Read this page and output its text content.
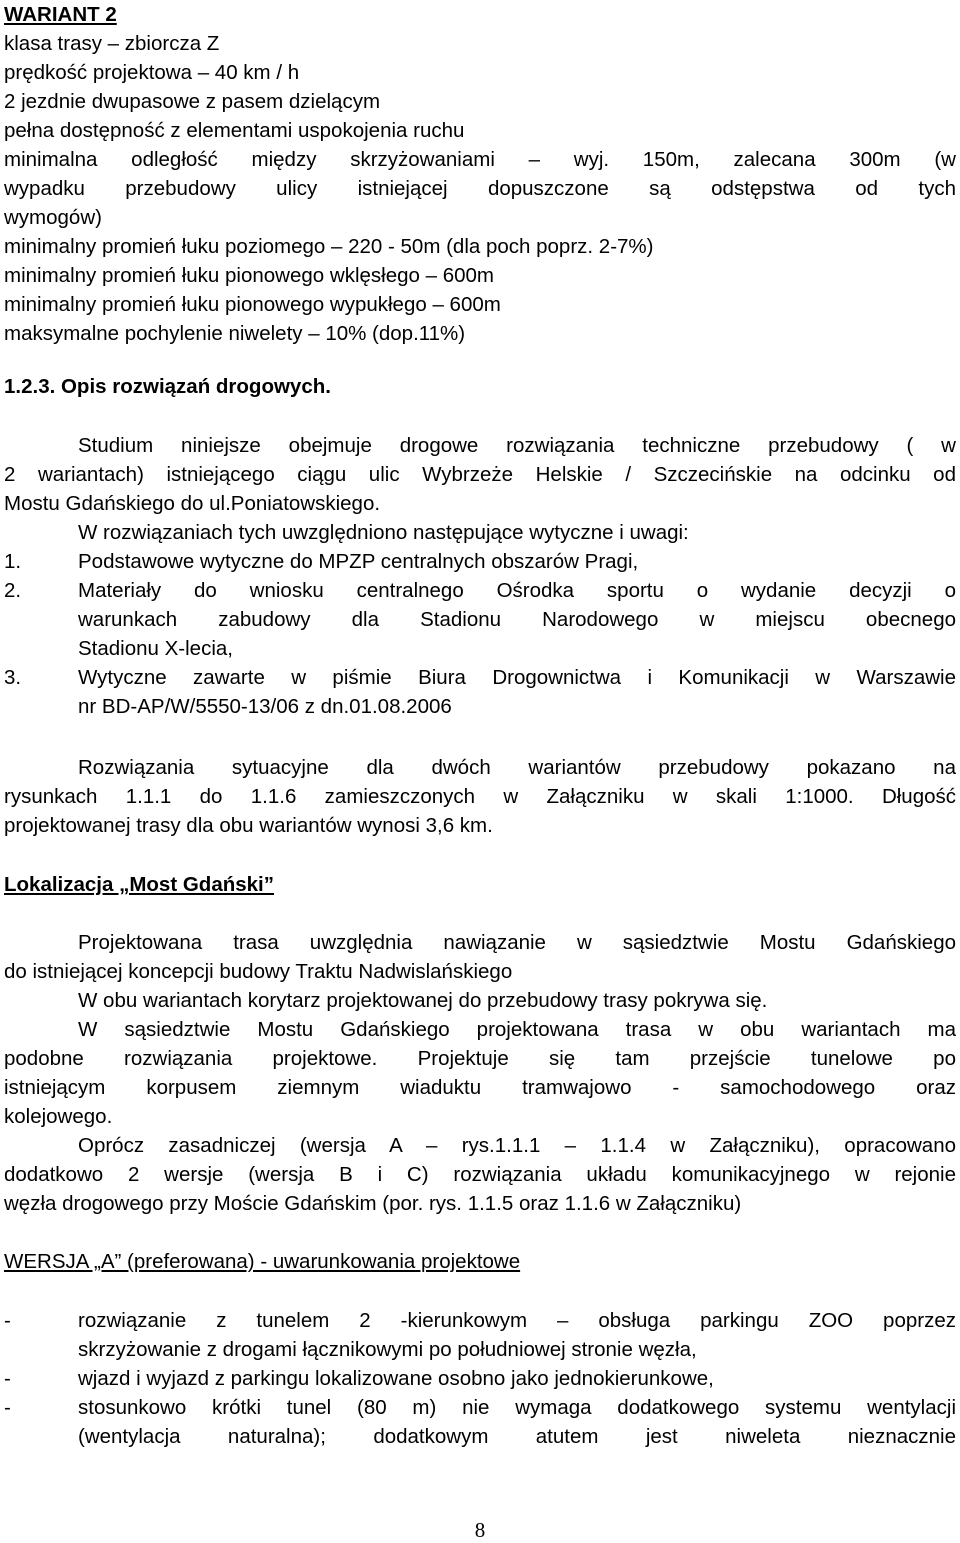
WARIANT 2
klasa trasy – zbiorcza Z
prędkość projektowa – 40 km / h
2 jezdnie dwupasowe z pasem dzielącym
pełna dostępność z elementami uspokojenia ruchu
minimalna odległość między skrzyżowaniami – wyj. 150m, zalecana 300m (w
wypadku przebudowy ulicy istniejącej dopuszczone są odstępstwa od tych
wymogów)
minimalny promień łuku poziomego – 220 - 50m (dla poch poprz. 2-7%)
minimalny promień łuku pionowego wklęsłego – 600m
minimalny promień łuku pionowego wypukłego – 600m
maksymalne pochylenie niwelety – 10% (dop.11%)
1.2.3. Opis rozwiązań drogowych.
Studium niniejsze obejmuje drogowe rozwiązania techniczne przebudowy ( w
2 wariantach) istniejącego ciągu ulic Wybrzeże Helskie / Szczecińskie na odcinku od
Mostu Gdańskiego do ul.Poniatowskiego.
W rozwiązaniach tych uwzględniono następujące wytyczne i uwagi:
1.	Podstawowe wytyczne do MPZP centralnych obszarów Pragi,
2.	Materiały do wniosku centralnego Ośrodka sportu o wydanie decyzji o
warunkach zabudowy dla Stadionu Narodowego w miejscu obecnego
Stadionu X-lecia,
3.	Wytyczne zawarte w piśmie Biura Drogownictwa i Komunikacji w Warszawie
nr BD-AP/W/5550-13/06 z dn.01.08.2006
Rozwiązania sytuacyjne dla dwóch wariantów przebudowy pokazano na
rysunkach 1.1.1 do 1.1.6 zamieszczonych w Załączniku w skali 1:1000. Długość
projektowanej trasy dla obu wariantów wynosi 3,6 km.
Lokalizacja „Most Gdański”
Projektowana trasa uwzględnia nawiązanie w sąsiedztwie Mostu Gdańskiego
do istniejącej koncepcji budowy Traktu Nadwislańskiego
W obu wariantach korytarz projektowanej do przebudowy trasy pokrywa się.
W sąsiedztwie Mostu Gdańskiego projektowana trasa w obu wariantach ma
podobne rozwiązania projektowe. Projektuje się tam przejście tunelowe po
istniejącym korpusem ziemnym wiaduktu tramwajowo - samochodowego oraz
kolejowego.
Oprócz zasadniczej (wersja A – rys.1.1.1 – 1.1.4 w Załączniku), opracowano
dodatkowo 2 wersje (wersja B i C) rozwiązania układu komunikacyjnego w rejonie
węzła drogowego przy Moście Gdańskim (por. rys. 1.1.5 oraz 1.1.6 w Załączniku)
WERSJA „A” (preferowana) - uwarunkowania projektowe
-	rozwiązanie z tunelem 2 -kierunkowym – obsługa parkingu ZOO poprzez
skrzyżowanie z drogami łącznikowymi po południowej stronie węzła,
-	wjazd i wyjazd z parkingu lokalizowane osobno jako jednokierunkowe,
-	stosunkowo krótki tunel (80 m) nie wymaga dodatkowego systemu wentylacji
(wentylacja naturalna); dodatkowym atutem jest niweleta nieznacznie
8
